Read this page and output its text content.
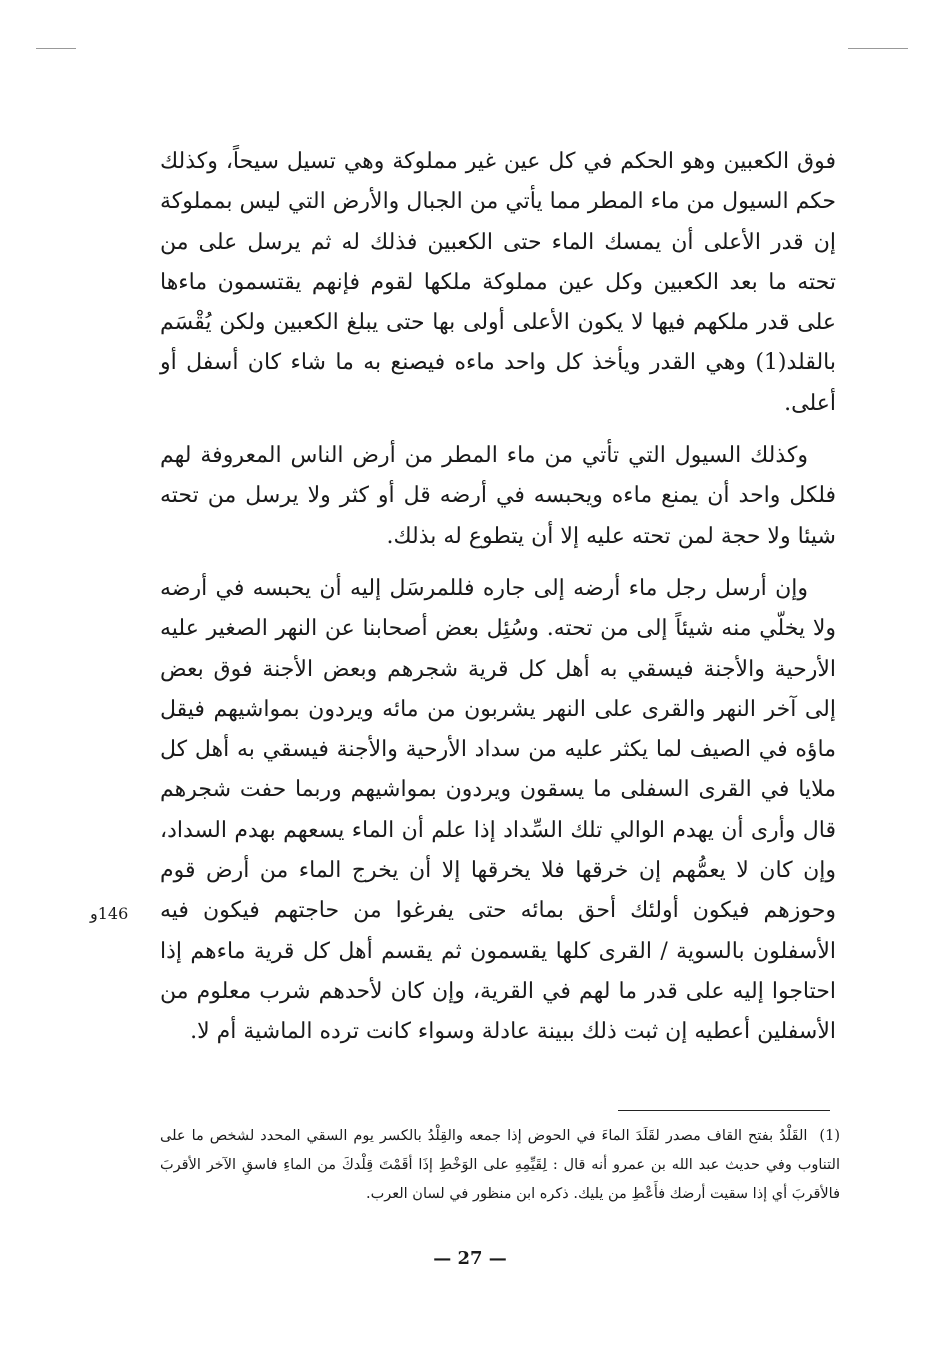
فوق الكعبين وهو الحكم في كل عين غير مملوكة وهي تسيل سيحاً، وكذلك حكم السيول من ماء المطر مما يأتي من الجبال والأرض التي ليس بمملوكة إن قدر الأعلى أن يمسك الماء حتى الكعبين فذلك له ثم يرسل على من تحته ما بعد الكعبين وكل عين مملوكة ملكها لقوم فإنهم يقتسمون ماءها على قدر ملكهم فيها لا يكون الأعلى أولى بها حتى يبلغ الكعبين ولكن يُقْسَم بالقلد(1) وهي القدر ويأخذ كل واحد ماءه فيصنع به ما شاء كان أسفل أو أعلى.

وكذلك السيول التي تأتي من ماء المطر من أرض الناس المعروفة لهم فلكل واحد أن يمنع ماءه ويحبسه في أرضه قل أو كثر ولا يرسل من تحته شيئا ولا حجة لمن تحته عليه إلا أن يتطوع له بذلك.

وإن أرسل رجل ماء أرضه إلى جاره فللمرسَل إليه أن يحبسه في أرضه ولا يخلّي منه شيئاً إلى من تحته. وسُئِل بعض أصحابنا عن النهر الصغير عليه الأرحية والأجنة فيسقي به أهل كل قرية شجرهم وبعض الأجنة فوق بعض إلى آخر النهر والقرى على النهر يشربون من مائه ويردون بمواشيهم فيقل ماؤه في الصيف لما يكثر عليه من سداد الأرحية والأجنة فيسقي به أهل كل ملايا في القرى السفلى ما يسقون ويردون بمواشيهم وربما حفت شجرهم قال وأرى أن يهدم الوالي تلك السِّداد إذا علم أن الماء يسعهم بهدم السداد، وإن كان لا يعمُّهم إن خرقها فلا يخرقها إلا أن يخرج الماء من أرض قوم وحوزهم فيكون أولئك أحق بمائه حتى يفرغوا من حاجتهم فيكون فيه الأسفلون بالسوية / القرى كلها يقسمون ثم يقسم أهل كل قرية ماءهم إذا احتاجوا إليه على قدر ما لهم في القرية، وإن كان لأحدهم شرب معلوم من الأسفلين أعطيه إن ثبت ذلك ببينة عادلة وسواء كانت ترده الماشية أم لا.

146و
(1) القَلْدُ بفتح القاف مصدر لقَلَدَ الماءَ في الحوض إذا جمعه والقِلْدُ بالكسر يوم السقي المحدد لشخص ما على التناوب وفي حديث عبد الله بن عمرو أنه قال : لِقَيِّمِهِ على الوَخْطِ إذَا أقَمْتَ قِلْدكَ من الماءِ فاسقِ الآخر الأقربَ فالأقربَ أي إذا سقيت أرضك فأَعْطِ من يليك. ذكره ابن منظور في لسان العرب.
— 27 —
